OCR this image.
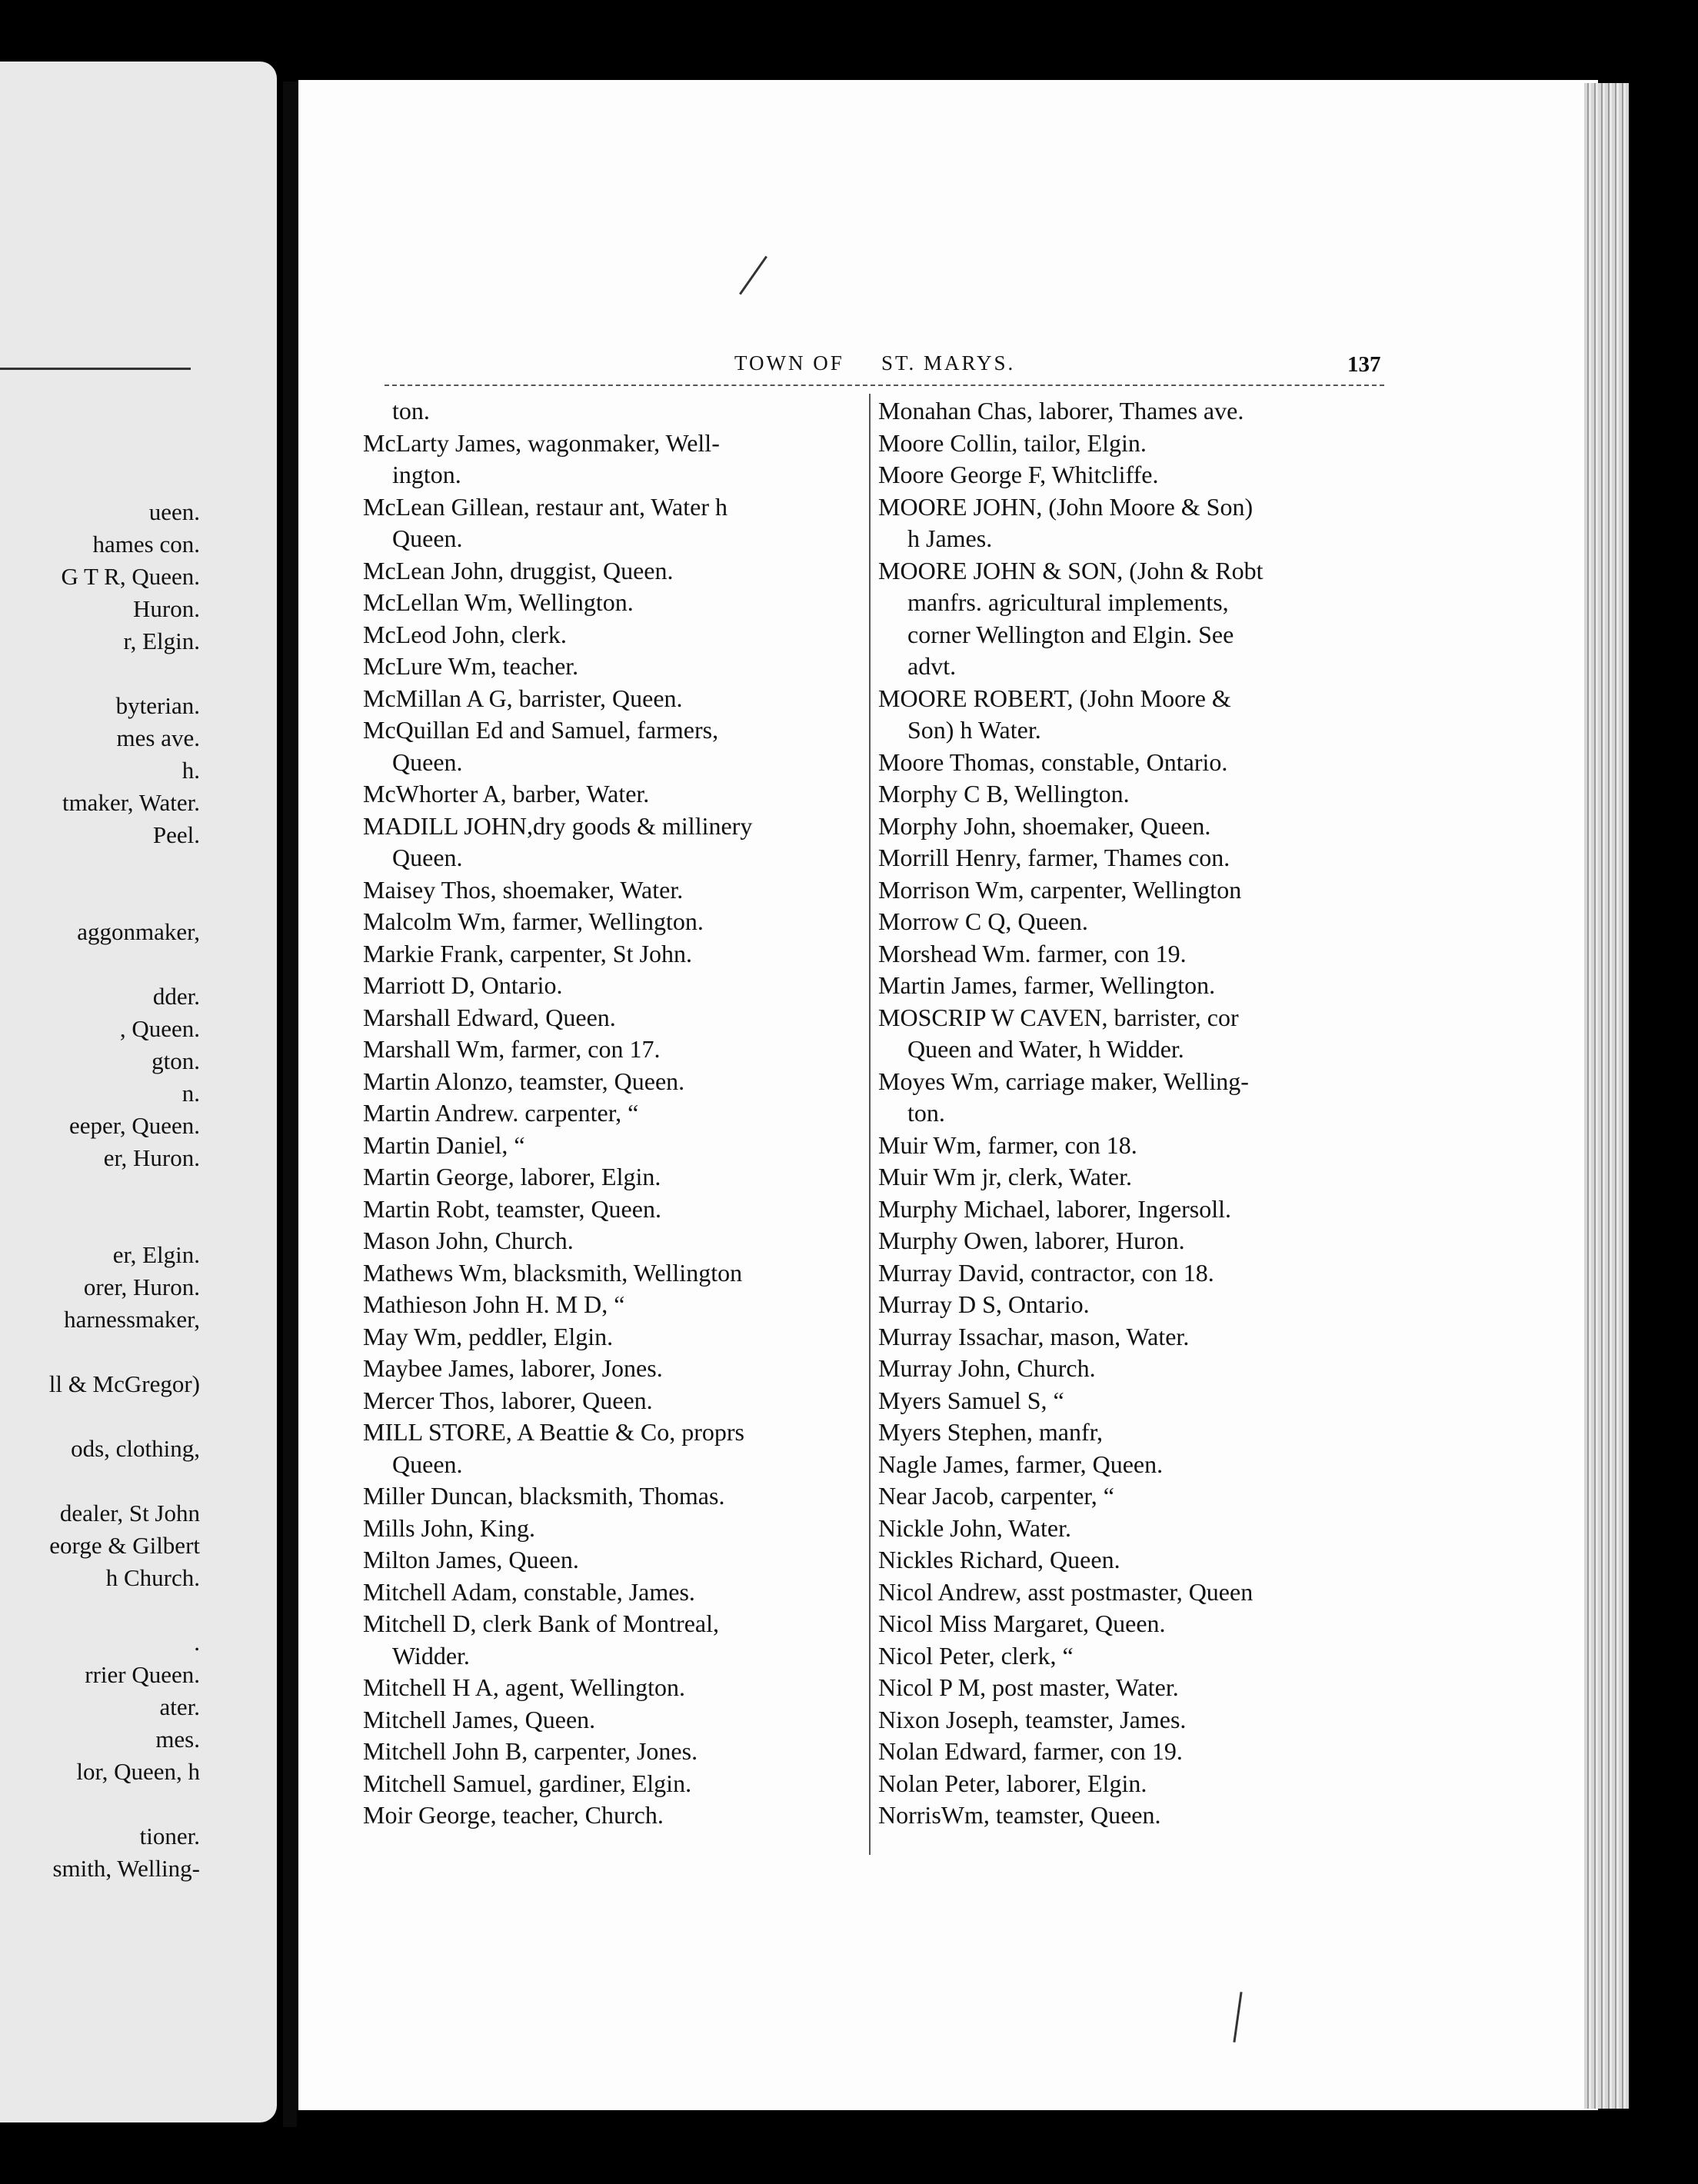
ueen.
hames con.
G T R, Queen.
Huron.
r, Elgin.
byterian.
mes ave.
h.
tmaker, Water.
Peel.
aggonmaker,
dder.
, Queen.
gton.
n.
eeper, Queen.
er, Huron.
er, Elgin.
orer, Huron.
harnessmaker,
ll & McGregor)
ods, clothing,
dealer, St John
eorge & Gilbert
h Church.
.
rrier Queen.
ater.
mes.
lor, Queen, h
tioner.
smith, Welling-
TOWN OF ST. MARYS.	137
ton.
McLarty James, wagonmaker, Well-
ington.
McLean Gillean, restaur ant, Water h
Queen.
McLean John, druggist, Queen.
McLellan Wm, Wellington.
McLeod John, clerk.
McLure Wm, teacher.
McMillan A G, barrister, Queen.
McQuillan Ed and Samuel, farmers,
Queen.
McWhorter A, barber, Water.
MADILL JOHN,dry goods & millinery
Queen.
Maisey Thos, shoemaker, Water.
Malcolm Wm, farmer, Wellington.
Markie Frank, carpenter, St John.
Marriott D, Ontario.
Marshall Edward, Queen.
Marshall Wm, farmer, con 17.
Martin Alonzo, teamster, Queen.
Martin Andrew. carpenter, “
Martin Daniel, “
Martin George, laborer, Elgin.
Martin Robt, teamster, Queen.
Mason John, Church.
Mathews Wm, blacksmith, Wellington
Mathieson John H. M D, “
May Wm, peddler, Elgin.
Maybee James, laborer, Jones.
Mercer Thos, laborer, Queen.
MILL STORE, A Beattie & Co, proprs
Queen.
Miller Duncan, blacksmith, Thomas.
Mills John, King.
Milton James, Queen.
Mitchell Adam, constable, James.
Mitchell D, clerk Bank of Montreal,
Widder.
Mitchell H A, agent, Wellington.
Mitchell James, Queen.
Mitchell John B, carpenter, Jones.
Mitchell Samuel, gardiner, Elgin.
Moir George, teacher, Church.
Monahan Chas, laborer, Thames ave.
Moore Collin, tailor, Elgin.
Moore George F, Whitcliffe.
MOORE JOHN, (John Moore & Son)
h James.
MOORE JOHN & SON, (John & Robt
manfrs. agricultural implements,
corner Wellington and Elgin. See
advt.
MOORE ROBERT, (John Moore &
Son) h Water.
Moore Thomas, constable, Ontario.
Morphy C B, Wellington.
Morphy John, shoemaker, Queen.
Morrill Henry, farmer, Thames con.
Morrison Wm, carpenter, Wellington
Morrow C Q, Queen.
Morshead Wm. farmer, con 19.
Martin James, farmer, Wellington.
MOSCRIP W CAVEN, barrister, cor
Queen and Water, h Widder.
Moyes Wm, carriage maker, Welling-
ton.
Muir Wm, farmer, con 18.
Muir Wm jr, clerk, Water.
Murphy Michael, laborer, Ingersoll.
Murphy Owen, laborer, Huron.
Murray David, contractor, con 18.
Murray D S, Ontario.
Murray Issachar, mason, Water.
Murray John, Church.
Myers Samuel S, “
Myers Stephen, manfr,
Nagle James, farmer, Queen.
Near Jacob, carpenter, “
Nickle John, Water.
Nickles Richard, Queen.
Nicol Andrew, asst postmaster, Queen
Nicol Miss Margaret, Queen.
Nicol Peter, clerk, “
Nicol P M, post master, Water.
Nixon Joseph, teamster, James.
Nolan Edward, farmer, con 19.
Nolan Peter, laborer, Elgin.
NorrisWm, teamster, Queen.
